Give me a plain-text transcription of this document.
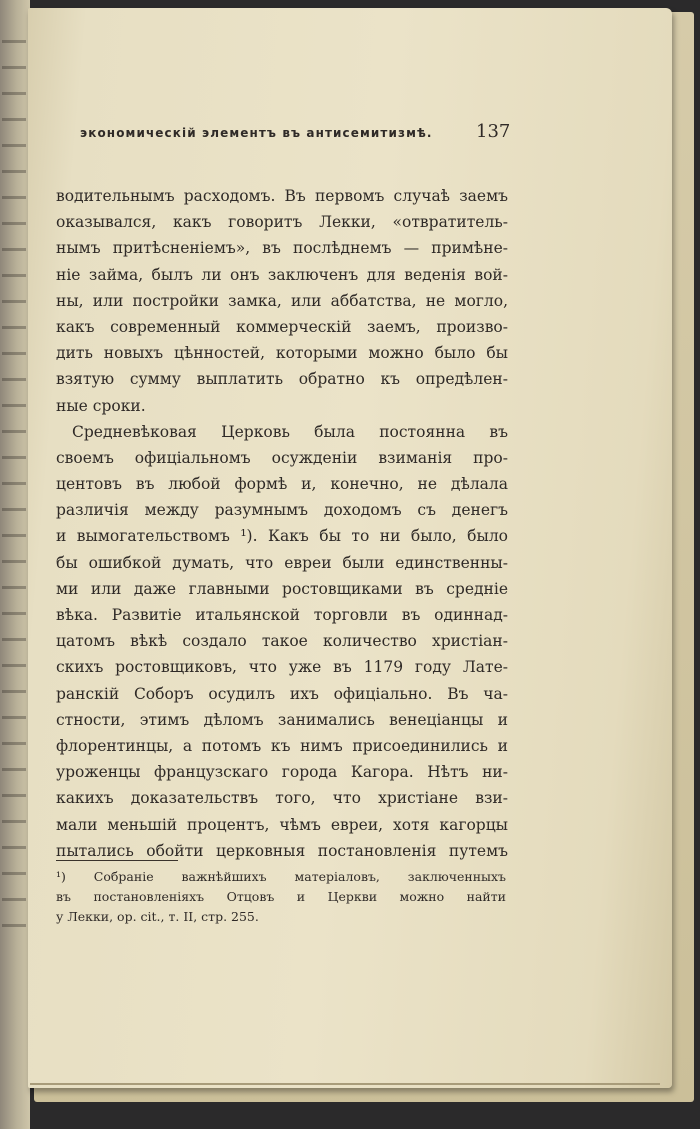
экономическій элементъ въ антисемитизмѣ.	137
водительнымъ расходомъ. Въ первомъ случаѣ заемъ
оказывался, какъ говоритъ Лекки, «отвратитель-
нымъ притѣсненіемъ», въ послѣднемъ — примѣне-
ніе займа, былъ ли онъ заключенъ для веденія вой-
ны, или постройки замка, или аббатства, не могло,
какъ современный коммерческій заемъ, произво-
дить новыхъ цѣнностей, которыми можно было бы
взятую сумму выплатить обратно къ опредѣлен-
ные сроки.
Средневѣковая Церковь была постоянна въ
своемъ офиціальномъ осужденіи взиманія про-
центовъ въ любой формѣ и, конечно, не дѣлала
различія между разумнымъ доходомъ съ денегъ
и вымогательствомъ ¹). Какъ бы то ни было, было
бы ошибкой думать, что евреи были единственны-
ми или даже главными ростовщиками въ средніе
вѣка. Развитіе итальянской торговли въ одиннад-
цатомъ вѣкѣ создало такое количество христіан-
скихъ ростовщиковъ, что уже въ 1179 году Лате-
ранскій Соборъ осудилъ ихъ офиціально. Въ ча-
стности, этимъ дѣломъ занимались венеціанцы и
флорентинцы, а потомъ къ нимъ присоединились и
уроженцы французскаго города Кагора. Нѣтъ ни-
какихъ доказательствъ того, что христіане взи-
мали меньшій процентъ, чѣмъ евреи, хотя кагорцы
пытались обойти церковныя постановленія путемъ
¹) Собраніе важнѣйшихъ матеріаловъ, заключенныхъ
въ постановленіяхъ Отцовъ и Церкви можно найти
у Лекки, op. cit., т. II, стр. 255.
